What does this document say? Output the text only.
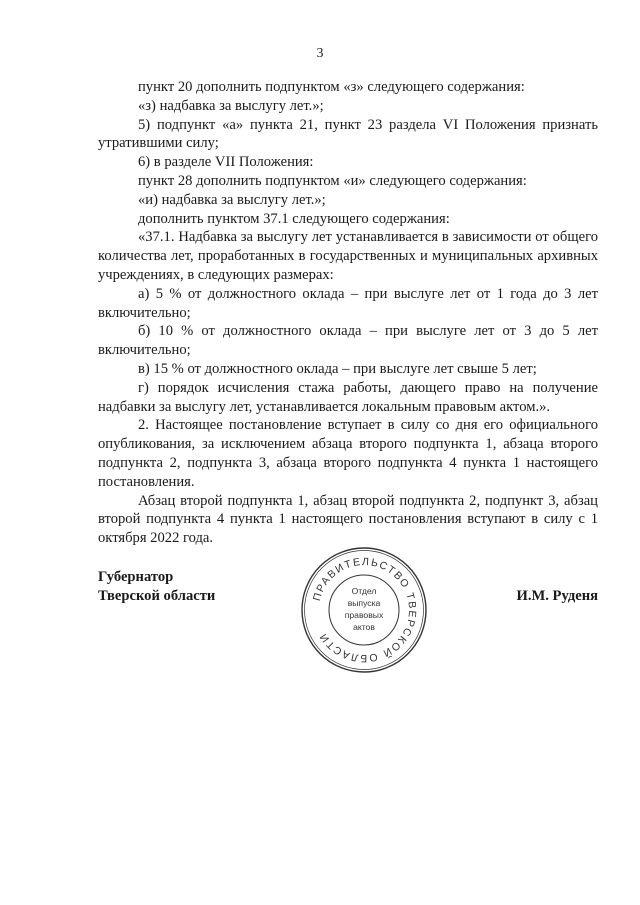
3

пункт 20 дополнить подпунктом «з» следующего содержания:

«з) надбавка за выслугу лет.»;

5) подпункт «а» пункта 21, пункт 23 раздела VI Положения признать утратившими силу;

6) в разделе VII Положения:

пункт 28 дополнить подпунктом «и» следующего содержания:

«и) надбавка за выслугу лет.»;

дополнить пунктом 37.1 следующего содержания:

«37.1. Надбавка за выслугу лет устанавливается в зависимости от общего количества лет, проработанных в государственных и муниципальных архивных учреждениях, в следующих размерах:

а) 5 % от должностного оклада – при выслуге лет от 1 года до 3 лет включительно;

б) 10 % от должностного оклада – при выслуге лет от 3 до 5 лет включительно;

в) 15 % от должностного оклада – при выслуге лет свыше 5 лет;

г) порядок исчисления стажа работы, дающего право на получение надбавки за выслугу лет, устанавливается локальным правовым актом.».

2. Настоящее постановление вступает в силу со дня его официального опубликования, за исключением абзаца второго подпункта 1, абзаца второго подпункта 2, подпункта 3, абзаца второго подпункта 4 пункта 1 настоящего постановления.

Абзац второй подпункта 1, абзац второй подпункта 2, подпункт 3, абзац второй подпункта 4 пункта 1 настоящего постановления вступают в силу с 1 октября 2022 года.

Губернатор
Тверской области	ПРАВИТЕЛЬСТВО ТВЕРСКОЙ ОБЛАСТИ
Отдел
выпуска
правовых
актов
И.М. Руденя
